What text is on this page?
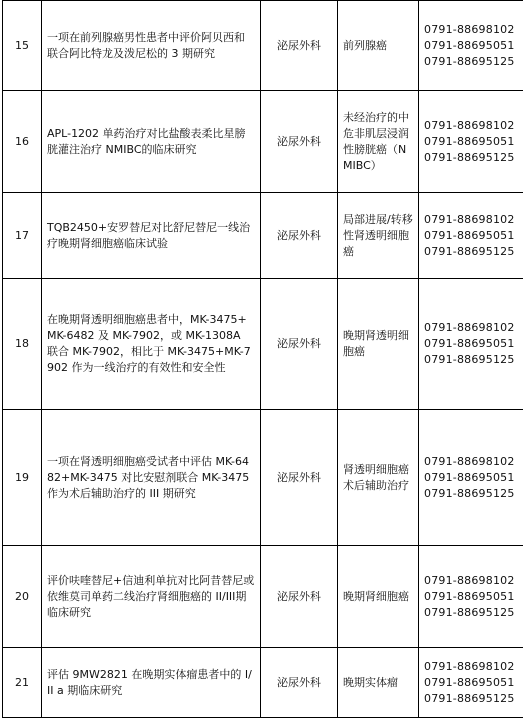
15	一项在前列腺癌男性患者中评价阿贝西和联合阿比特龙及泼尼松的 3 期研究	泌尿外科	前列腺癌	0791-88698102
0791-88695051
0791-88695125

16	APL-1202 单药治疗对比盐酸表柔比星膀胱灌注治疗 NMIBC的临床研究	泌尿外科	未经治疗的中危非肌层浸润性膀胱癌（NMIBC）	0791-88698102
0791-88695051
0791-88695125

17	TQB2450+安罗替尼对比舒尼替尼一线治疗晚期肾细胞癌临床试验	泌尿外科	局部进展/转移性肾透明细胞癌	0791-88698102
0791-88695051
0791-88695125

18	在晚期肾透明细胞癌患者中，MK-3475+ MK-6482 及 MK-7902，或 MK-1308A 联合 MK-7902，相比于 MK-3475+MK-7902 作为一线治疗的有效性和安全性	泌尿外科	晚期肾透明细胞癌	0791-88698102
0791-88695051
0791-88695125

19	一项在肾透明细胞癌受试者中评估 MK-6482+MK-3475 对比安慰剂联合 MK-3475 作为术后辅助治疗的 III 期研究	泌尿外科	肾透明细胞癌术后辅助治疗	0791-88698102
0791-88695051
0791-88695125

20	评价呋喹替尼+信迪利单抗对比阿昔替尼或依维莫司单药二线治疗肾细胞癌的 II/III期临床研究	泌尿外科	晚期肾细胞癌	0791-88698102
0791-88695051
0791-88695125

21	评估 9MW2821 在晚期实体瘤患者中的 I/II a 期临床研究	泌尿外科	晚期实体瘤	0791-88698102
0791-88695051
0791-88695125
